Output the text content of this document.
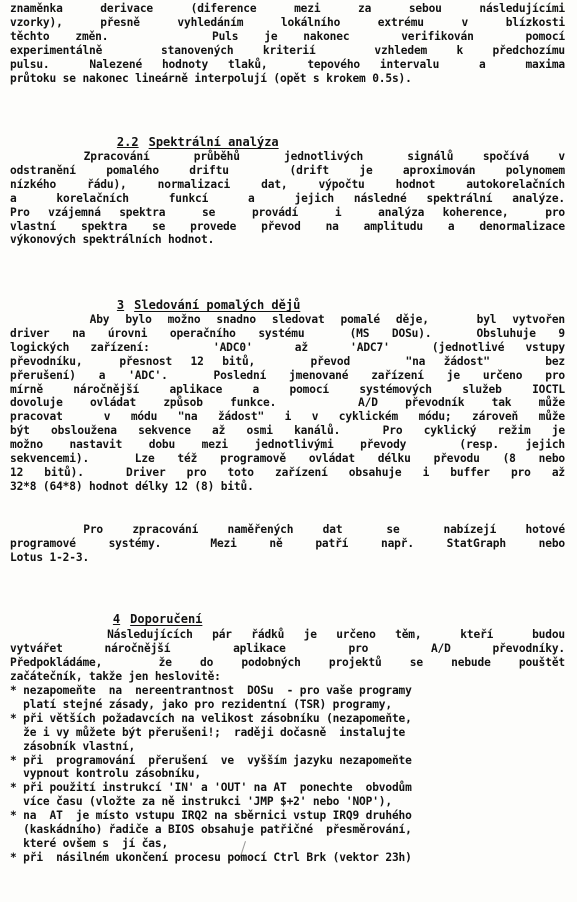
znaměnka derivace (diference mezi za sebou následujícími
vzorky), přesně vyhledáním lokálního extrému v blízkosti
těchto změn.    Puls je nakonec  verifikován  pomocí
experimentálně  stanovených kriterií  vzhledem k předchozímu
pulsu.  Nalezené hodnoty tlaků,  tepového intervalu  a  maxima
průtoku se nakonec lineárně interpolují (opět s krokem 0.5s).

2.2 Spektrální analýza

Zpracování   průběhů   jednotlivých   signálů  spočívá  v
odstranění pomalého driftu  (drift je aproximován polynomem
nízkého řádu), normalizaci dat, výpočtu hodnot autokorelačních
a  korelačních  funkcí  a  jejich následné spektrální analýze.
Pro vzájemná spektra  se  provádí  i  analýza koherence,  pro
vlastní spektra se provede převod na amplitudu a denormalizace
výkonových spektrálních hodnot.

3 Sledování pomalých dějů

Aby bylo možno snadno sledovat pomalé děje,   byl vytvořen
driver na úrovni operačního systému  (MS DOSu).  Obsluhuje 9
logických zařízení:   'ADC0'  až  'ADC7'  (jednotlivé vstupy
převodníku,  přesnost 12 bitů,   převod   "na žádost"   bez
přerušení) a 'ADC'.  Poslední jmenované zařízení je určeno pro
mírně náročnější aplikace a pomocí systémových služeb IOCTL
dovoluje ovládat způsob funkce.   A/D převodník tak může
pracovat  v módu "na žádost" i v cyklickém módu; zároveň může
být obsloužena sekvence až osmi kanálů.  Pro cyklický režim je
možno nastavit dobu mezi jednotlivými převody  (resp. jejich
sekvencemi).  Lze též programově ovládat délku převodu (8 nebo
12 bitů).  Driver pro toto zařízení obsahuje i buffer pro až
32*8 (64*8) hodnot délky 12 (8) bitů.
Pro  zpracování  naměřených  dat   se   nabízejí  hotové
programové  systémy.   Mezi  ně  patří  např.  StatGraph  nebo
Lotus 1-2-3.

4 Doporučení

Následujících pár řádků je určeno těm,  kteří  budou
vytvářet  náročnější   aplikace   pro   A/D  převodníky.
Předpokládáme,  že do podobných projektů se nebude pouštět
začátečník, takže jen heslovitě:
* nezapomeňte  na  nereentrantnost  DOSu  - pro vaše programy
platí stejné zásady, jako pro rezidentní (TSR) programy,
* při větších požadavcích na velikost zásobníku (nezapomeňte,
že i vy můžete být přerušeni!;  raději dočasně  instalujte
zásobník vlastní,
* při  programování  přerušení  ve  vyšším jazyku nezapomeňte
vypnout kontrolu zásobníku,
* při použití instrukcí 'IN' a 'OUT' na AT  ponechte  obvodům
více času (vložte za ně instrukci 'JMP $+2' nebo 'NOP'),
* na  AT  je místo vstupu IRQ2 na sběrnici vstup IRQ9 druhého
(kaskádního) řadiče a BIOS obsahuje patřičné  přesměrování,
které ovšem s  jí čas,
* při  násilném ukončení procesu pomocí Ctrl Brk (vektor 23h)
